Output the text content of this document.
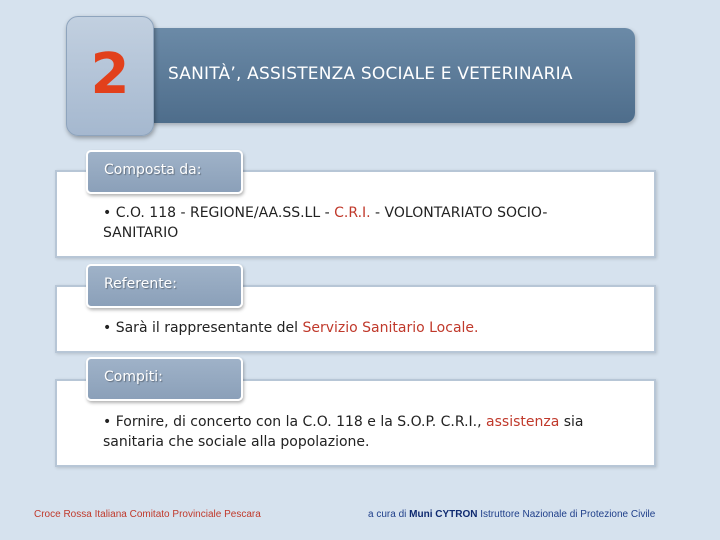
SANITÀ’, ASSISTENZA SOCIALE E VETERINARIA
2
• C.O. 118 - REGIONE/AA.SS.LL - C.R.I. - VOLONTARIATO SOCIO-SANITARIO
Composta da:
• Sarà il rappresentante del Servizio Sanitario Locale.
Referente:
• Fornire, di concerto con la C.O. 118 e la S.O.P. C.R.I., assistenza sia sanitaria che sociale alla popolazione.
Compiti:
Croce Rossa Italiana Comitato Provinciale Pescara	a cura di Muni CYTRON Istruttore Nazionale di Protezione Civile
